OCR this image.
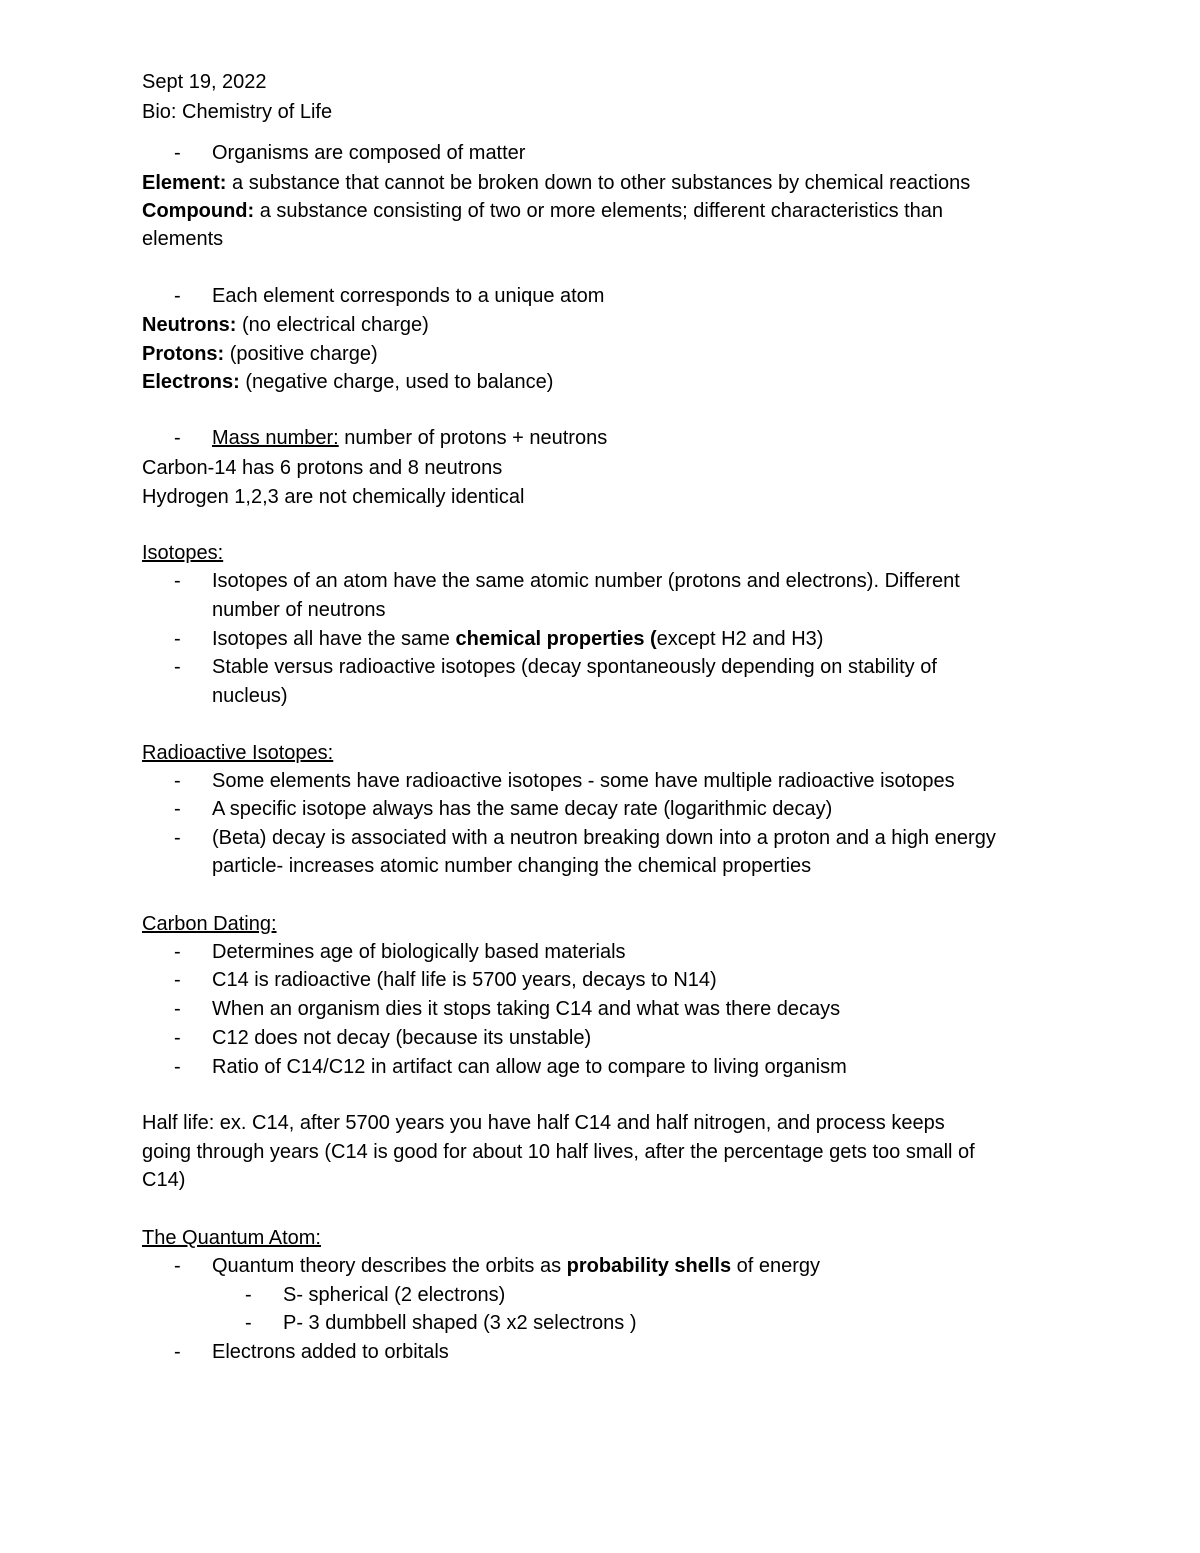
Sept 19, 2022
Bio: Chemistry of Life
- Organisms are composed of matter
Element: a substance that cannot be broken down to other substances by chemical reactions
Compound: a substance consisting of two or more elements; different characteristics than
elements
- Each element corresponds to a unique atom
Neutrons: (no electrical charge)
Protons: (positive charge)
Electrons: (negative charge, used to balance)
- Mass number: number of protons + neutrons
Carbon-14 has 6 protons and 8 neutrons
Hydrogen 1,2,3 are not chemically identical
Isotopes:
- Isotopes of an atom have the same atomic number (protons and electrons). Different
number of neutrons
- Isotopes all have the same chemical properties (except H2 and H3)
- Stable versus radioactive isotopes (decay spontaneously depending on stability of
nucleus)
Radioactive Isotopes:
- Some elements have radioactive isotopes - some have multiple radioactive isotopes
- A specific isotope always has the same decay rate (logarithmic decay)
- (Beta) decay is associated with a neutron breaking down into a proton and a high energy
particle- increases atomic number changing the chemical properties
Carbon Dating:
- Determines age of biologically based materials
- C14 is radioactive (half life is 5700 years, decays to N14)
- When an organism dies it stops taking C14 and what was there decays
- C12 does not decay (because its unstable)
- Ratio of C14/C12 in artifact can allow age to compare to living organism
Half life: ex. C14, after 5700 years you have half C14 and half nitrogen, and process keeps
going through years (C14 is good for about 10 half lives, after the percentage gets too small of
C14)
The Quantum Atom:
- Quantum theory describes the orbits as probability shells of energy
- S- spherical (2 electrons)
- P- 3 dumbbell shaped (3 x2 selectrons )
- Electrons added to orbitals
